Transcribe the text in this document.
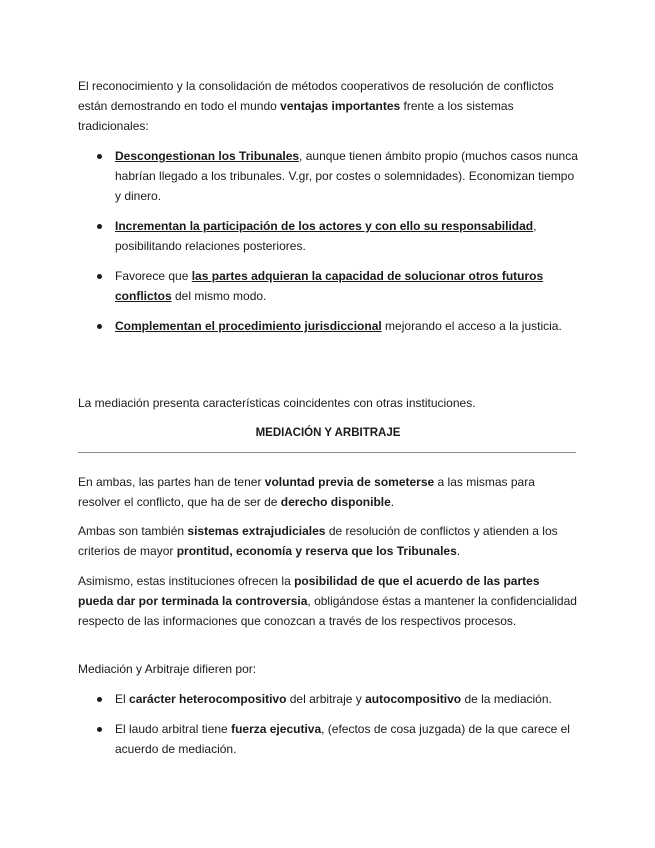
El reconocimiento y la consolidación de métodos cooperativos de resolución de conflictos están demostrando en todo el mundo ventajas importantes frente a los sistemas tradicionales:

Descongestionan los Tribunales, aunque tienen ámbito propio (muchos casos nunca habrían llegado a los tribunales. V.gr, por costes o solemnidades). Economizan tiempo y dinero.
Incrementan la participación de los actores y con ello su responsabilidad, posibilitando relaciones posteriores.
Favorece que las partes adquieran la capacidad de solucionar otros futuros conflictos del mismo modo.
Complementan el procedimiento jurisdiccional mejorando el acceso a la justicia.

La mediación presenta características coincidentes con otras instituciones.

MEDIACIÓN Y ARBITRAJE

En ambas, las partes han de tener voluntad previa de someterse a las mismas para resolver el conflicto, que ha de ser de derecho disponible.

Ambas son también sistemas extrajudiciales de resolución de conflictos y atienden a los criterios de mayor prontitud, economía y reserva que los Tribunales.

Asimismo, estas instituciones ofrecen la posibilidad de que el acuerdo de las partes pueda dar por terminada la controversia, obligándose éstas a mantener la confidencialidad respecto de las informaciones que conozcan a través de los respectivos procesos.

Mediación y Arbitraje difieren por:

El carácter heterocompositivo del arbitraje y autocompositivo de la mediación.
El laudo arbitral tiene fuerza ejecutiva, (efectos de cosa juzgada) de la que carece el acuerdo de mediación.
